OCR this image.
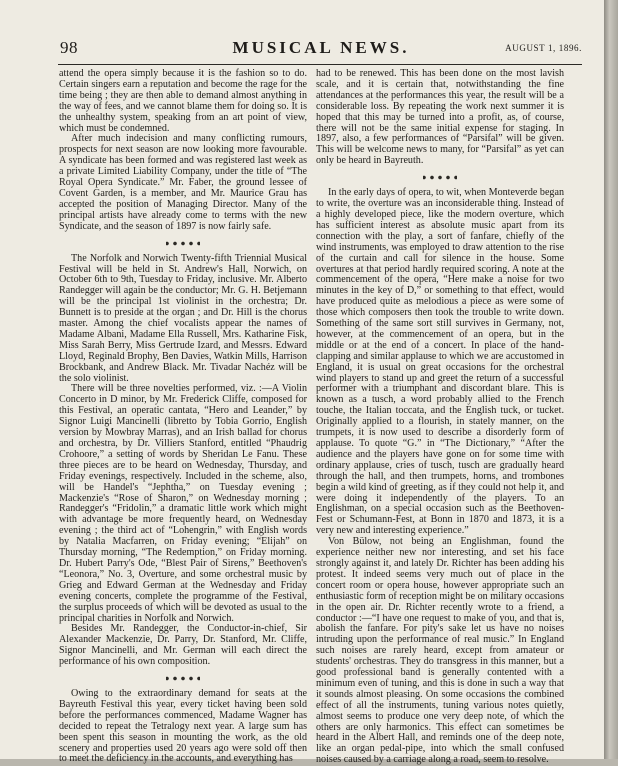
98	MUSICAL NEWS.	AUGUST 1, 1896.

attend the opera simply because it is the fashion so to do. Certain singers earn a reputation and become the rage for the time being ; they are then able to demand almost anything in the way of fees, and we cannot blame them for doing so. It is the unhealthy system, speaking from an art point of view, which must be condemned.

After much indecision and many conflicting rumours, prospects for next season are now looking more favourable. A syndicate has been formed and was registered last week as a private Limited Liability Company, under the title of “The Royal Opera Syndicate.” Mr. Faber, the ground lessee of Covent Garden, is a member, and Mr. Maurice Grau has accepted the position of Managing Director. Many of the principal artists have already come to terms with the new Syndicate, and the season of 1897 is now fairly safe.

The Norfolk and Norwich Twenty-fifth Triennial Musical Festival will be held in St. Andrew's Hall, Norwich, on October 6th to 9th, Tuesday to Friday, inclusive. Mr. Alberto Randegger will again be the conductor; Mr. G. H. Betjemann will be the principal 1st violinist in the orchestra; Dr. Bunnett is to preside at the organ ; and Dr. Hill is the chorus master. Among the chief vocalists appear the names of Madame Albani, Madame Ella Russell, Mrs. Katharine Fisk, Miss Sarah Berry, Miss Gertrude Izard, and Messrs. Edward Lloyd, Reginald Brophy, Ben Davies, Watkin Mills, Harrison Brockbank, and Andrew Black. Mr. Tivadar Nachéz will be the solo violinist.

There will be three novelties performed, viz. :—A Violin Concerto in D minor, by Mr. Frederick Cliffe, composed for this Festival, an operatic cantata, “Hero and Leander,” by Signor Luigi Mancinelli (libretto by Tobia Gorrio, English version by Mowbray Marras), and an Irish ballad for chorus and orchestra, by Dr. Villiers Stanford, entitled “Phaudrig Crohoore,” a setting of words by Sheridan Le Fanu. These three pieces are to be heard on Wednesday, Thursday, and Friday evenings, respectively. Included in the scheme, also, will be Handel's “Jephtha,” on Tuesday evening ; Mackenzie's “Rose of Sharon,” on Wednesday morning ; Randegger's “Fridolin,” a dramatic little work which might with advantage be more frequently heard, on Wednesday evening ; the third act of “Lohengrin,” with English words by Natalia Macfarren, on Friday evening; “Elijah” on Thursday morning, “The Redemption,” on Friday morning. Dr. Hubert Parry's Ode, “Blest Pair of Sirens,” Beethoven's “Leonora,” No. 3, Overture, and some orchestral music by Grieg and Edward German at the Wednesday and Friday evening concerts, complete the programme of the Festival, the surplus proceeds of which will be devoted as usual to the principal charities in Norfolk and Norwich.

Besides Mr. Randegger, the Conductor-in-chief, Sir Alexander Mackenzie, Dr. Parry, Dr. Stanford, Mr. Cliffe, Signor Mancinelli, and Mr. German will each direct the performance of his own composition.

Owing to the extraordinary demand for seats at the Bayreuth Festival this year, every ticket having been sold before the performances commenced, Madame Wagner has decided to repeat the Tetralogy next year. A large sum has been spent this season in mounting the work, as the old scenery and properties used 20 years ago were sold off then to meet the deficiency in the accounts, and everything has

had to be renewed. This has been done on the most lavish scale, and it is certain that, notwithstanding the fine attendances at the performances this year, the result will be a considerable loss. By repeating the work next summer it is hoped that this may be turned into a profit, as, of course, there will not be the same initial expense for staging. In 1897, also, a few performances of “Parsifal” will be given. This will be welcome news to many, for “Parsifal” as yet can only be heard in Bayreuth.

In the early days of opera, to wit, when Monteverde began to write, the overture was an inconsiderable thing. Instead of a highly developed piece, like the modern overture, which has sufficient interest as absolute music apart from its connection with the play, a sort of fanfare, chiefly of the wind instruments, was employed to draw attention to the rise of the curtain and call for silence in the house. Some overtures at that period hardly required scoring. A note at the commencement of the opera, “Here make a noise for two minutes in the key of D,” or something to that effect, would have produced quite as melodious a piece as were some of those which composers then took the trouble to write down. Something of the same sort still survives in Germany, not, however, at the commencement of an opera, but in the middle or at the end of a concert. In place of the hand-clapping and similar applause to which we are accustomed in England, it is usual on great occasions for the orchestral wind players to stand up and greet the return of a successful performer with a triumphant and discordant blare. This is known as a tusch, a word probably allied to the French touche, the Italian toccata, and the English tuck, or tucket. Originally applied to a flourish, in stately manner, on the trumpets, it is now used to describe a disorderly form of applause. To quote “G.” in “The Dictionary,” “After the audience and the players have gone on for some time with ordinary applause, cries of tusch, tusch are gradually heard through the hall, and then trumpets, horns, and trombones begin a wild kind of greeting, as if they could not help it, and were doing it independently of the players. To an Englishman, on a special occasion such as the Beethoven-Fest or Schumann-Fest, at Bonn in 1870 and 1873, it is a very new and interesting experience.”

Von Bülow, not being an Englishman, found the experience neither new nor interesting, and set his face strongly against it, and lately Dr. Richter has been adding his protest. It indeed seems very much out of place in the concert room or opera house, however appropriate such an enthusiastic form of reception might be on military occasions in the open air. Dr. Richter recently wrote to a friend, a conductor :—“I have one request to make of you, and that is, abolish the fanfare. For pity's sake let us have no noises intruding upon the performance of real music.” In England such noises are rarely heard, except from amateur or students' orchestras. They do transgress in this manner, but a good professional band is generally contented with a minimum even of tuning, and this is done in such a way that it sounds almost pleasing. On some occasions the combined effect of all the instruments, tuning various notes quietly, almost seems to produce one very deep note, of which the others are only harmonics. This effect can sometimes be heard in the Albert Hall, and reminds one of the deep note, like an organ pedal-pipe, into which the small confused noises caused by a carriage along a road, seem to resolve.
